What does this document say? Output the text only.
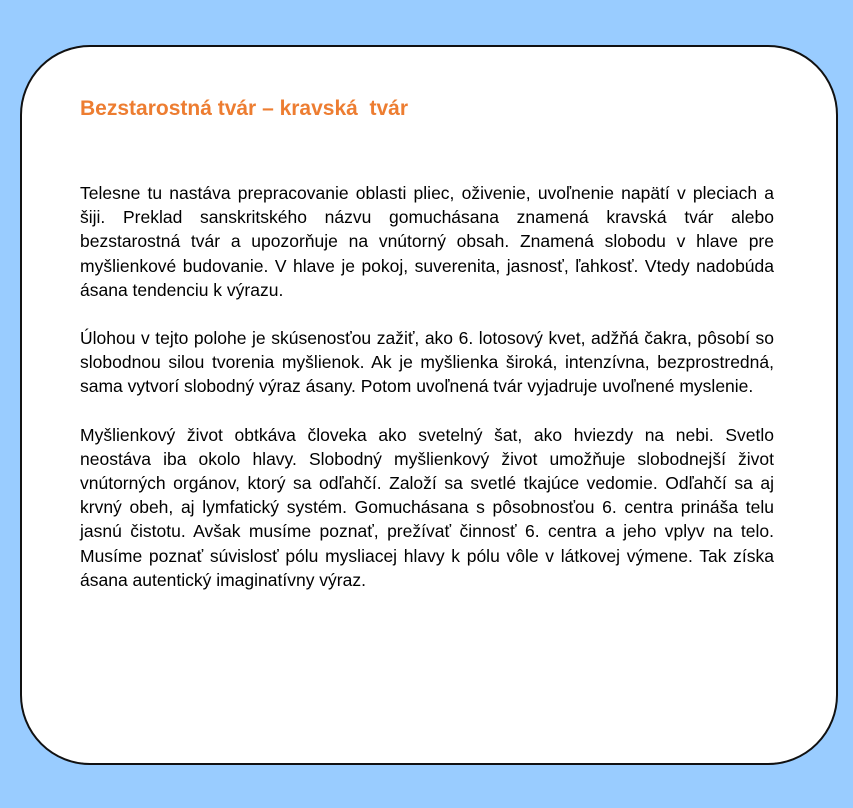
Bezstarostná tvár – kravská  tvár

Telesne tu nastáva prepracovanie oblasti pliec, oživenie, uvoľnenie napätí v pleciach a šiji. Preklad sanskritského názvu gomuchásana znamená kravská tvár alebo bezstarostná tvár a upozorňuje na vnútorný obsah. Znamená slobodu v hlave pre myšlienkové budovanie. V hlave je pokoj, suverenita, jasnosť, ľahkosť. Vtedy nadobúda ásana tendenciu k výrazu.

Úlohou v tejto polohe je skúsenosťou zažiť, ako 6. lotosový kvet, adžňá čakra, pôsobí so slobodnou silou tvorenia myšlienok. Ak je myšlienka široká, intenzívna, bezprostredná, sama vytvorí slobodný výraz ásany. Potom uvoľnená tvár vyjadruje uvoľnené myslenie.

Myšlienkový život obtkáva človeka ako svetelný šat, ako hviezdy na nebi. Svetlo neostáva iba okolo hlavy. Slobodný myšlienkový život umožňuje slobodnejší život vnútorných orgánov, ktorý sa odľahčí. Založí sa svetlé tkajúce vedomie. Odľahčí sa aj krvný obeh, aj lymfatický systém. Gomuchásana s pôsobnosťou 6. centra prináša telu jasnú čistotu. Avšak musíme poznať, prežívať činnosť 6. centra a jeho vplyv na telo. Musíme poznať súvislosť pólu mysliacej hlavy k pólu vôle v látkovej výmene. Tak získa ásana autentický imaginatívny výraz.
